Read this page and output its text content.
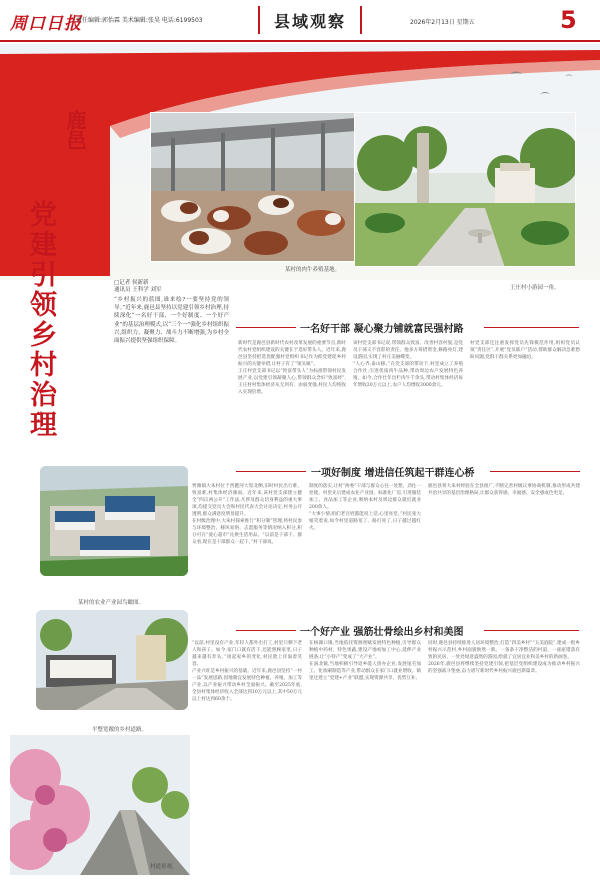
周口日报
责任编辑:郭怡霖 美术编辑:张昊 电话:6199503	县域观察	2026年2月13日 星期五	5
鹿邑
党建引领乡村治理	某村的肉牛养殖基地。
王庄村小游园一角。
□记者 侯新新
通讯员 王科学 刘军
“乡村振兴的蓝图,谁来绘?一要坚持党的领导。”近年来,鹿邑县坚持以党建引领乡村治理,持续深化“一名好干部、一个好制度、一个好产业”的基层治理模式,以“三个一”强化乡村组织振兴,组织力、凝聚力、战斗力不断增强,为乡村全面振兴提供坚强组织保障。
一名好干部 凝心聚力铺就富民强村路

新时代是鹿邑县新时代农村改革发展的重要节点,新时代农村党组织建设的关键在于选好带头人。近年来,鹿邑县坚持把选优配强村党组织书记作为抓党建促乡村振兴的关键举措,让村子有了“领头雁”。

王庄村党支部书记以“致富带头人”为标准带领村民发展产业,以党建引领凝聚人心,带领群众念好“致富经”,王庄村村集体经济从无到有、由弱变强,村民人均纯收入实现倍增。

该村党支部书记说,带领群众致富、改善村容村貌,是党员干部义不容辞的责任。他多方筹措资金,修路亮灯,建设游园,实现了村庄美丽蝶变。

“人心齐,泰山移。”在党支部的带动下,村里成立了养殖合作社,引进优质肉牛品种,带动周边农户发展特色养殖。如今,合作社年出栏肉牛千余头,带动村集体经济每年增收20万元以上,农户人均增收3000余元。

村党支部还注重发挥党员先锋模范作用,组织党员认领“责任区”,开展“党员联户”活动,帮助群众解决急难愁盼问题,党群干群关系更加融洽。

一项好制度 增进信任筑起干群连心桥
某村的农业产业园鸟瞰图。

贾滩镇大朱村位于西淝河大堤北侧,旧时村民出行难、致富难,村集体经济薄弱。近年来,该村党支部建立健全“四议两公开”工作法,凡涉及群众切身利益的重大事项,均提交党员大会和村民代表大会讨论决定,村务公开透明,群众满意度明显提升。

在村级治理中,大朱村探索推行“积分制”管理,将村民参与环境整治、移风易俗、志愿服务等情况纳入积分,积分可在“爱心超市”兑换生活用品。“以前是干部干、群众看,现在是干部群众一起干。”村干部说。

制度的落实,让村“两委”干部与群众心往一处想、劲往一处使。村里先后建成农业产业园、标准化厂房,引进服装加工、食品加工等企业,吸纳本村及周边群众就近就业200余人。

“大事小情,咱们老百姓都能说上话,心里亮堂。”村民张大娘笑着说,如今村里道路宽了、路灯亮了,日子越过越红火。

鹿邑县将大朱村经验在全县推广,不断完善村级议事协商机制,推动形成共建共治共享的基层治理格局,让群众获得感、幸福感、安全感成色更足。

一个好产业 强筋壮骨绘出乡村和美图
平整宽敞的乡村道路。
村道景观。

“以前,村里没有产业,年轻人都外出打工,村里只剩下老人和孩子。如今,家门口就有活干,还能照顾家里,日子越来越有奔头。”谈起家乡的变化,村民脸上洋溢着笑容。

产业兴旺是乡村振兴的基础。近年来,鹿邑县坚持“一村一品”发展思路,因地制宜发展特色种植、养殖、加工等产业,以产业振兴带动乡村全面振兴。截至2025年底,全县村集体经济收入全部达到10万元以上,其中50万元以上村达到60余个。

在杨湖口镇,当地依托资源禀赋发展特色种植,引导群众种植中药材、特色果蔬,建设产地初加工中心,延伸产业链条,让“小特产”变成了“大产业”。

在涡北镇,当地积极引导返乡能人创办企业,发展尾毛加工、化妆刷制造等产业,带动群众在家门口就业增收。镇里还建立“党建+产业”联盟,实现资源共享、优势互补。

同时,鹿邑县持续推进人居环境整治,打造“四美乡村”“五美庭院”,建成一批乡村振兴示范村,乡村面貌焕然一新。一条条干净整洁的村道、一座座错落有致的民居、一处处绿意盎然的游园,绘就了宜居宜业和美乡村的新画卷。

2026年,鹿邑县将继续坚持党建引领,把基层党组织建设成为推动乡村振兴的坚强战斗堡垒,奋力谱写新时代乡村振兴鹿邑新篇章。
